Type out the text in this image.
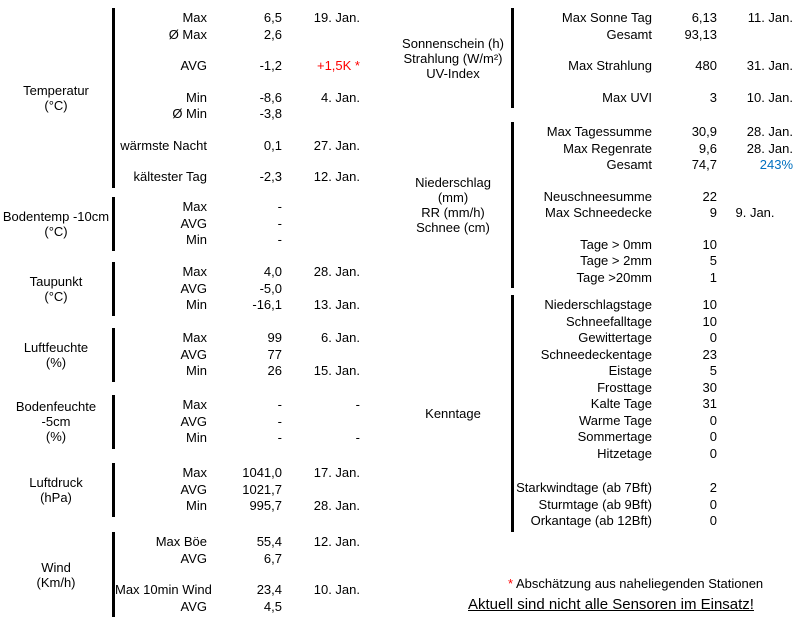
Temperatur
(°C)
Max	6,5	19. Jan.
Ø Max	2,6
AVG	-1,2	+1,5K *
Min	-8,6	4. Jan.
Ø Min	-3,8
wärmste Nacht	0,1	27. Jan.
kältester Tag	-2,3	12. Jan.
Bodentemp -10cm
(°C)
Max	-
AVG	-
Min	-
Taupunkt
(°C)
Max	4,0	28. Jan.
AVG	-5,0
Min	-16,1	13. Jan.
Luftfeuchte
(%)
Max	99	6. Jan.
AVG	77
Min	26	15. Jan.
Bodenfeuchte -5cm
(%)
Max	-	-
AVG	-
Min	-	-
Luftdruck
(hPa)
Max	1041,0	17. Jan.
AVG	1021,7
Min	995,7	28. Jan.
Wind
(Km/h)
Max Böe	55,4	12. Jan.
AVG	6,7
Max 10min Wind	23,4	10. Jan.
AVG	4,5
Sonnenschein (h)
Strahlung (W/m²)
UV-Index
Max Sonne Tag	6,13	11. Jan.
Gesamt	93,13
Max Strahlung	480	31. Jan.
Max UVI	3	10. Jan.
Niederschlag
(mm)
RR (mm/h)
Schnee (cm)
Max Tagessumme	30,9	28. Jan.
Max Regenrate	9,6	28. Jan.
Gesamt	74,7	243%
Neuschneesumme	22
Max Schneedecke	9	9. Jan.
Tage > 0mm	10
Tage > 2mm	5
Tage >20mm	1
Kenntage
Niederschlagstage	10
Schneefalltage	10
Gewittertage	0
Schneedeckentage	23
Eistage	5
Frosttage	30
Kalte Tage	31
Warme Tage	0
Sommertage	0
Hitzetage	0
Starkwindtage (ab 7Bft)	2
Sturmtage (ab 9Bft)	0
Orkantage (ab 12Bft)	0
* Abschätzung aus naheliegenden Stationen
Aktuell sind nicht alle Sensoren im Einsatz!
